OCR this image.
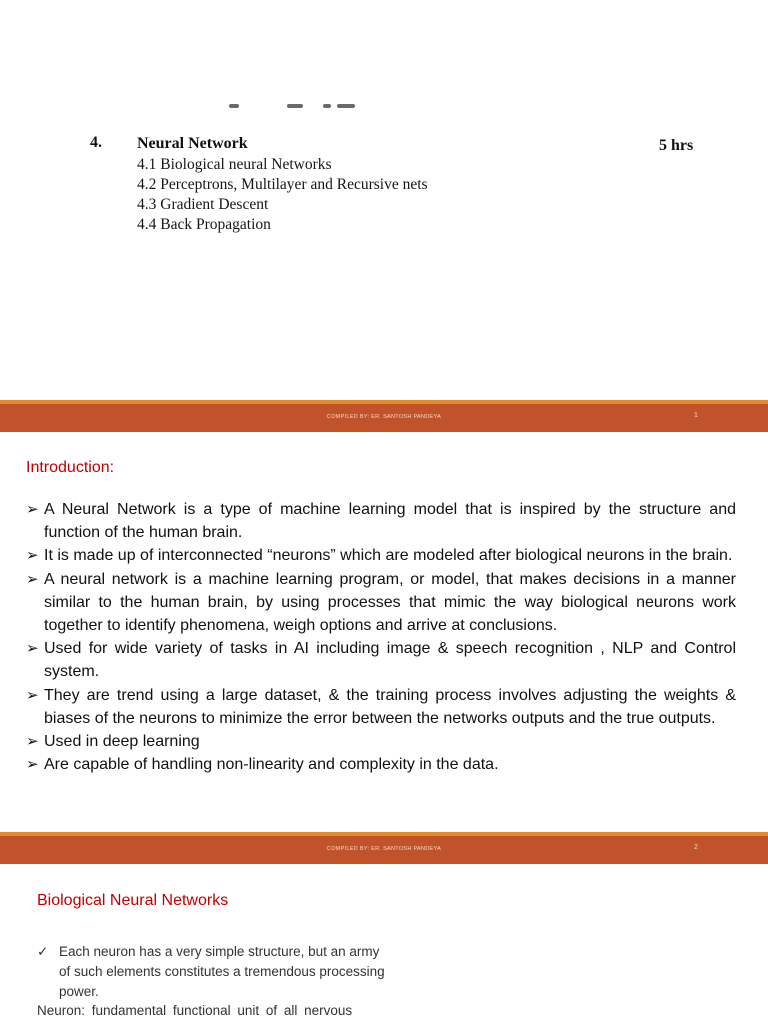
4. Neural Network	5 hrs
4.1 Biological neural Networks
4.2 Perceptrons, Multilayer and Recursive nets
4.3 Gradient Descent
4.4 Back Propagation
COMPILED BY: ER. SANTOSH PANDEYA	1
Introduction:
➢ A Neural Network is a type of machine learning model that is inspired by the structure and function of the human brain.
➢ It is made up of interconnected “neurons” which are modeled after biological neurons in the brain.
➢ A neural network is a machine learning program, or model, that makes decisions in a manner similar to the human brain, by using processes that mimic the way biological neurons work together to identify phenomena, weigh options and arrive at conclusions.
➢ Used for wide variety of tasks in AI including image & speech recognition , NLP and Control system.
➢ They are trend using a large dataset, & the training process involves adjusting the weights & biases of the neurons to minimize the error between the networks outputs and the true outputs.
➢ Used in deep learning
➢ Are capable of handling non-linearity and complexity in the data.
COMPILED BY: ER. SANTOSH PANDEYA	2
Biological Neural Networks
✓ Each neuron has a very simple structure, but an army of such elements constitutes a tremendous processing power.
Neuron: fundamental functional unit of all nervous
